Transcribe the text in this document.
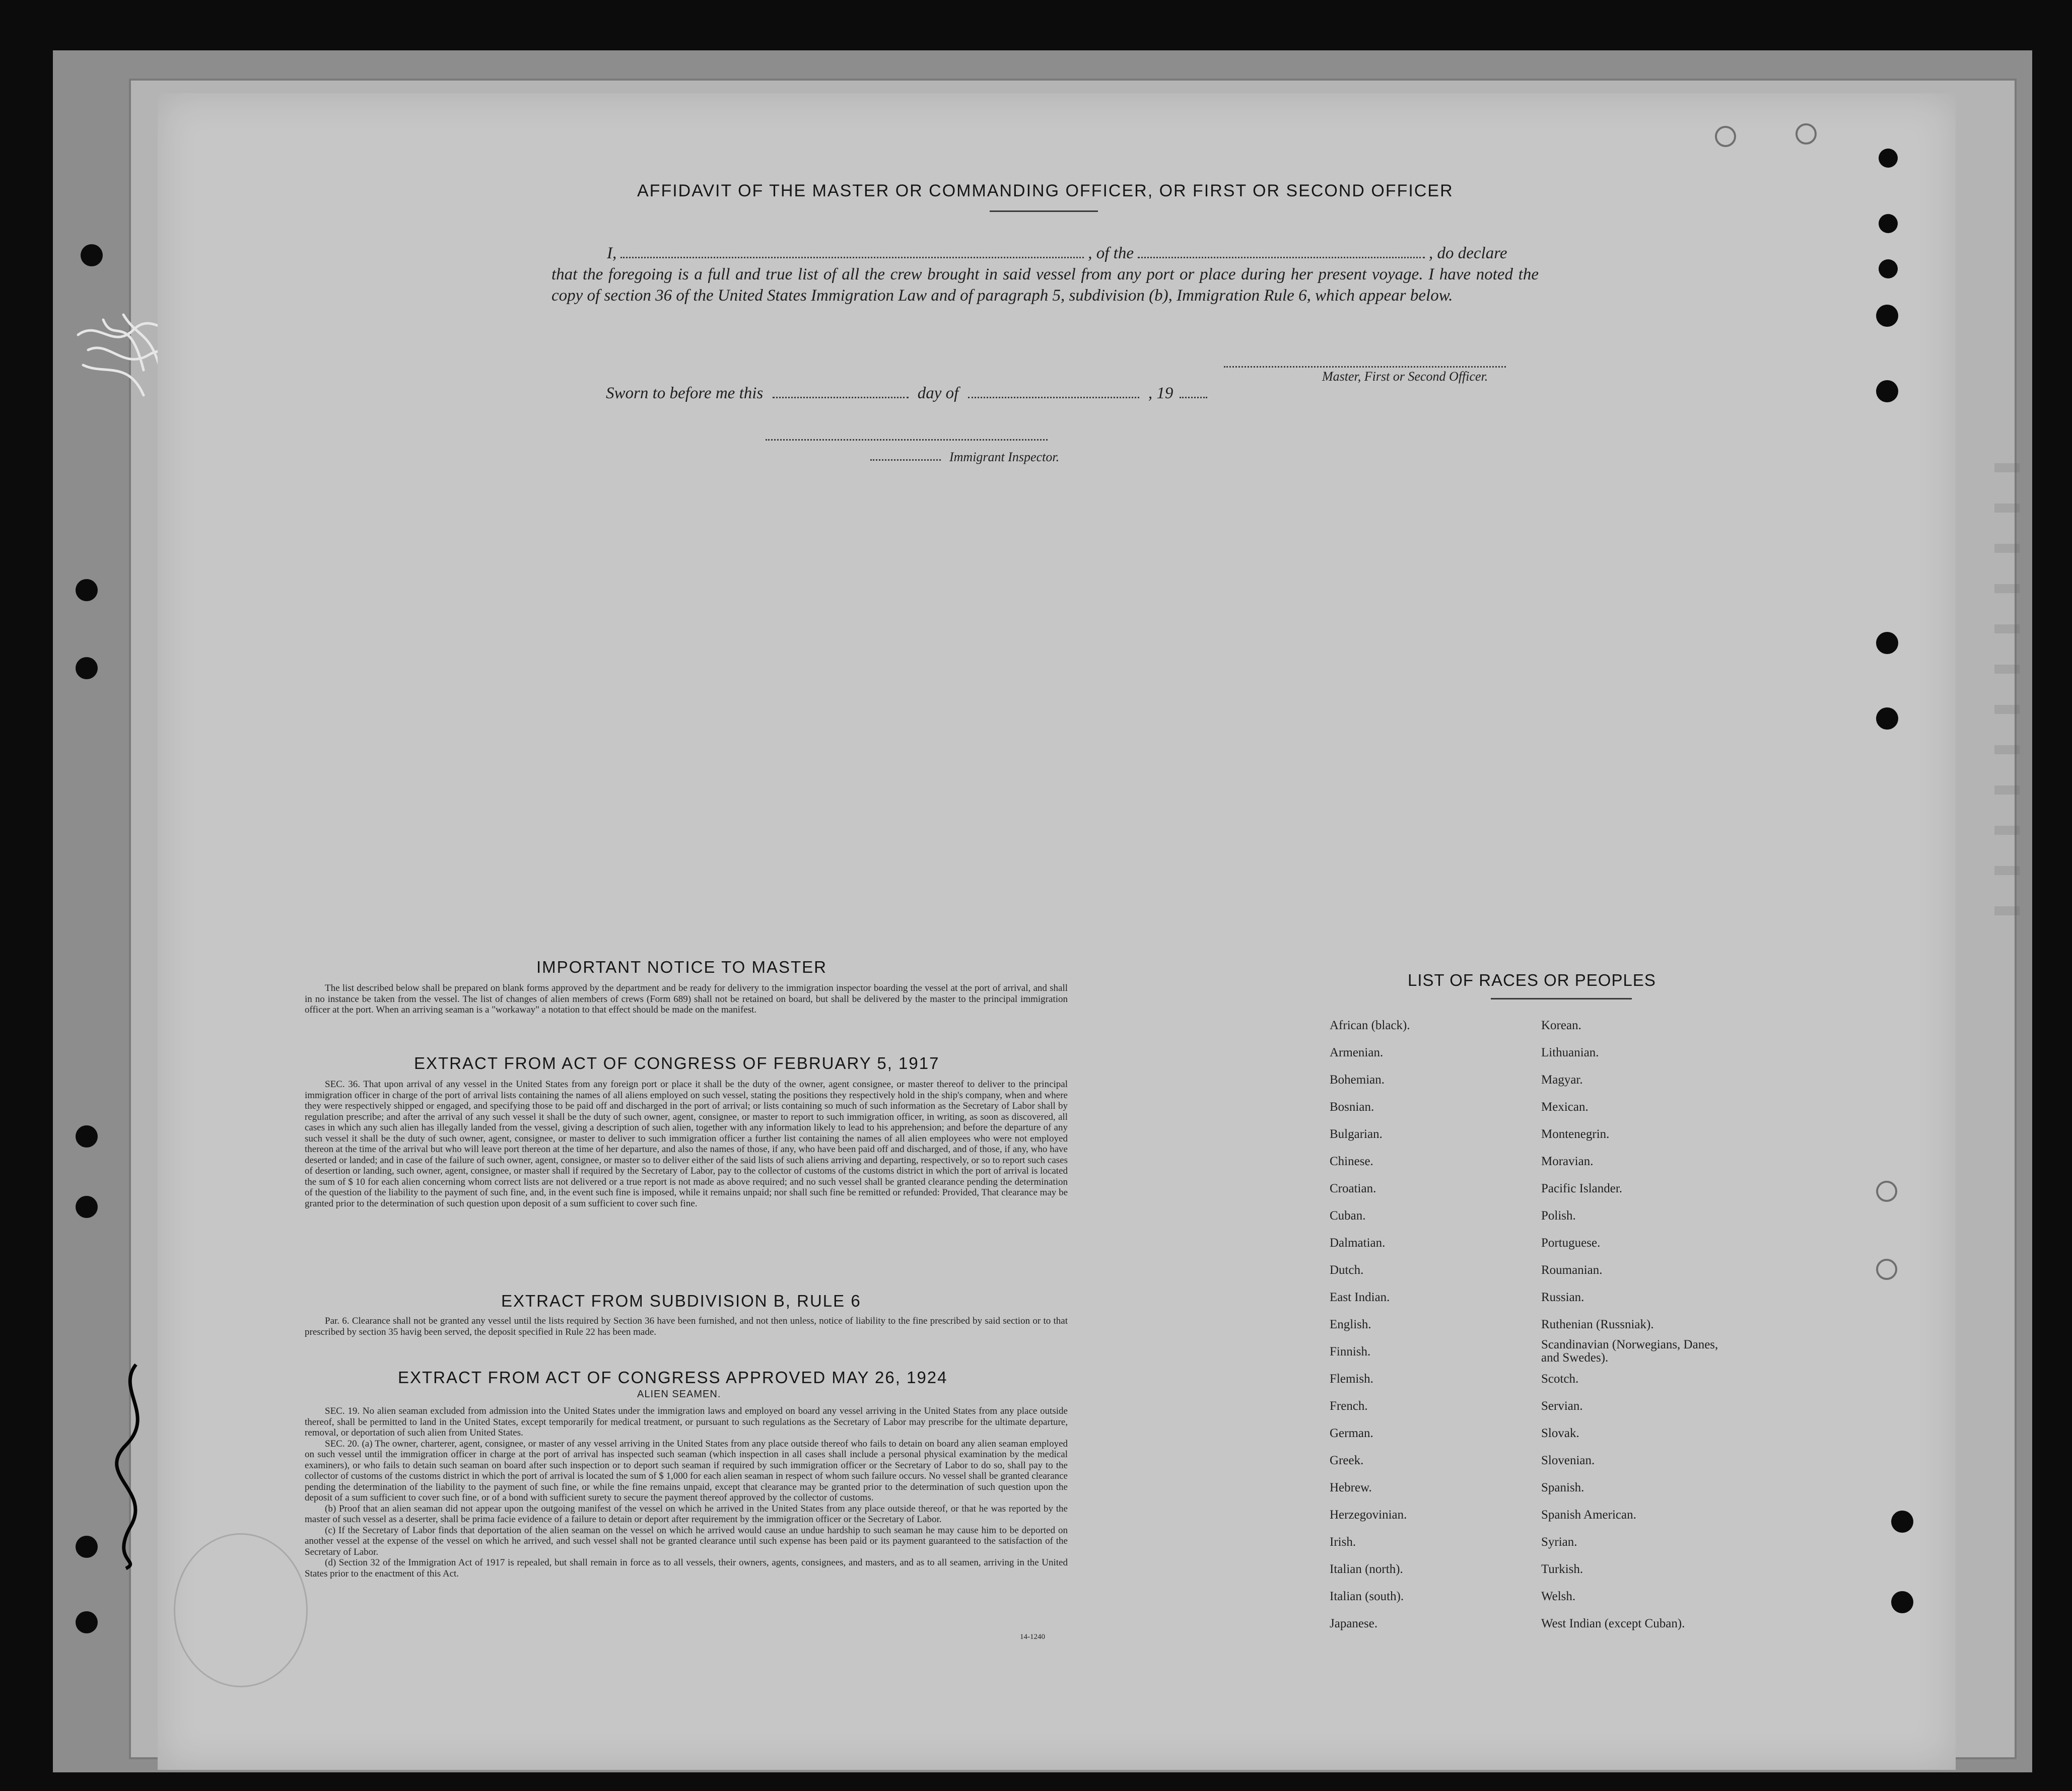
AFFIDAVIT OF THE MASTER OR COMMANDING OFFICER, OR FIRST OR SECOND OFFICER
I,	, of the	, do declare
that the foregoing is a full and true list of all the crew brought in said vessel from any port or place during her present voyage. I have noted the copy of section 36 of the United States Immigration Law and of paragraph 5, subdivision (b), Immigration Rule 6, which appear below.
Master, First or Second Officer.
Sworn to before me this	day of	, 19
Immigrant Inspector.
IMPORTANT NOTICE TO MASTER

The list described below shall be prepared on blank forms approved by the department and be ready for delivery to the immigration inspector boarding the vessel at the port of arrival, and shall in no instance be taken from the vessel. The list of changes of alien members of crews (Form 689) shall not be retained on board, but shall be delivered by the master to the principal immigration officer at the port. When an arriving seaman is a "workaway" a notation to that effect should be made on the manifest.

EXTRACT FROM ACT OF CONGRESS OF FEBRUARY 5, 1917

SEC. 36. That upon arrival of any vessel in the United States from any foreign port or place it shall be the duty of the owner, agent consignee, or master thereof to deliver to the principal immigration officer in charge of the port of arrival lists containing the names of all aliens employed on such vessel, stating the positions they respectively hold in the ship's company, when and where they were respectively shipped or engaged, and specifying those to be paid off and discharged in the port of arrival; or lists containing so much of such information as the Secretary of Labor shall by regulation prescribe; and after the arrival of any such vessel it shall be the duty of such owner, agent, consignee, or master to report to such immigration officer, in writing, as soon as discovered, all cases in which any such alien has illegally landed from the vessel, giving a description of such alien, together with any information likely to lead to his apprehension; and before the departure of any such vessel it shall be the duty of such owner, agent, consignee, or master to deliver to such immigration officer a further list containing the names of all alien employees who were not employed thereon at the time of the arrival but who will leave port thereon at the time of her departure, and also the names of those, if any, who have been paid off and discharged, and of those, if any, who have deserted or landed; and in case of the failure of such owner, agent, consignee, or master so to deliver either of the said lists of such aliens arriving and departing, respectively, or so to report such cases of desertion or landing, such owner, agent, consignee, or master shall if required by the Secretary of Labor, pay to the collector of customs of the customs district in which the port of arrival is located the sum of $ 10 for each alien concerning whom correct lists are not delivered or a true report is not made as above required; and no such vessel shall be granted clearance pending the determination of the question of the liability to the payment of such fine, and, in the event such fine is imposed, while it remains unpaid; nor shall such fine be remitted or refunded: Provided, That clearance may be granted prior to the determination of such question upon deposit of a sum sufficient to cover such fine.

EXTRACT FROM SUBDIVISION B, RULE 6

Par. 6. Clearance shall not be granted any vessel until the lists required by Section 36 have been furnished, and not then unless, notice of liability to the fine prescribed by said section or to that prescribed by section 35 havig been served, the deposit specified in Rule 22 has been made.

EXTRACT FROM ACT OF CONGRESS APPROVED MAY 26, 1924
ALIEN SEAMEN.

SEC. 19. No alien seaman excluded from admission into the United States under the immigration laws and employed on board any vessel arriving in the United States from any place outside thereof, shall be permitted to land in the United States, except temporarily for medical treatment, or pursuant to such regulations as the Secretary of Labor may prescribe for the ultimate departure, removal, or deportation of such alien from United States.

SEC. 20. (a) The owner, charterer, agent, consignee, or master of any vessel arriving in the United States from any place outside thereof who fails to detain on board any alien seaman employed on such vessel until the immigration officer in charge at the port of arrival has inspected such seaman (which inspection in all cases shall include a personal physical examination by the medical examiners), or who fails to detain such seaman on board after such inspection or to deport such seaman if required by such immigration officer or the Secretary of Labor to do so, shall pay to the collector of customs of the customs district in which the port of arrival is located the sum of $ 1,000 for each alien seaman in respect of whom such failure occurs. No vessel shall be granted clearance pending the determination of the liability to the payment of such fine, or while the fine remains unpaid, except that clearance may be granted prior to the determination of such question upon the deposit of a sum sufficient to cover such fine, or of a bond with sufficient surety to secure the payment thereof approved by the collector of customs.

(b) Proof that an alien seaman did not appear upon the outgoing manifest of the vessel on which he arrived in the United States from any place outside thereof, or that he was reported by the master of such vessel as a deserter, shall be prima facie evidence of a failure to detain or deport after requirement by the immigration officer or the Secretary of Labor.

(c) If the Secretary of Labor finds that deportation of the alien seaman on the vessel on which he arrived would cause an undue hardship to such seaman he may cause him to be deported on another vessel at the expense of the vessel on which he arrived, and such vessel shall not be granted clearance until such expense has been paid or its payment guaranteed to the satisfaction of the Secretary of Labor.

(d) Section 32 of the Immigration Act of 1917 is repealed, but shall remain in force as to all vessels, their owners, agents, consignees, and masters, and as to all seamen, arriving in the United States prior to the enactment of this Act.

14-1240
LIST OF RACES OR PEOPLES
African (black).
Armenian.
Bohemian.
Bosnian.
Bulgarian.
Chinese.
Croatian.
Cuban.
Dalmatian.
Dutch.
East Indian.
English.
Finnish.
Flemish.
French.
German.
Greek.
Hebrew.
Herzegovinian.
Irish.
Italian (north).
Italian (south).
Japanese.
Korean.
Lithuanian.
Magyar.
Mexican.
Montenegrin.
Moravian.
Pacific Islander.
Polish.
Portuguese.
Roumanian.
Russian.
Ruthenian (Russniak).
Scandinavian (Norwegians, Danes, and Swedes).
Scotch.
Servian.
Slovak.
Slovenian.
Spanish.
Spanish American.
Syrian.
Turkish.
Welsh.
West Indian (except Cuban).
